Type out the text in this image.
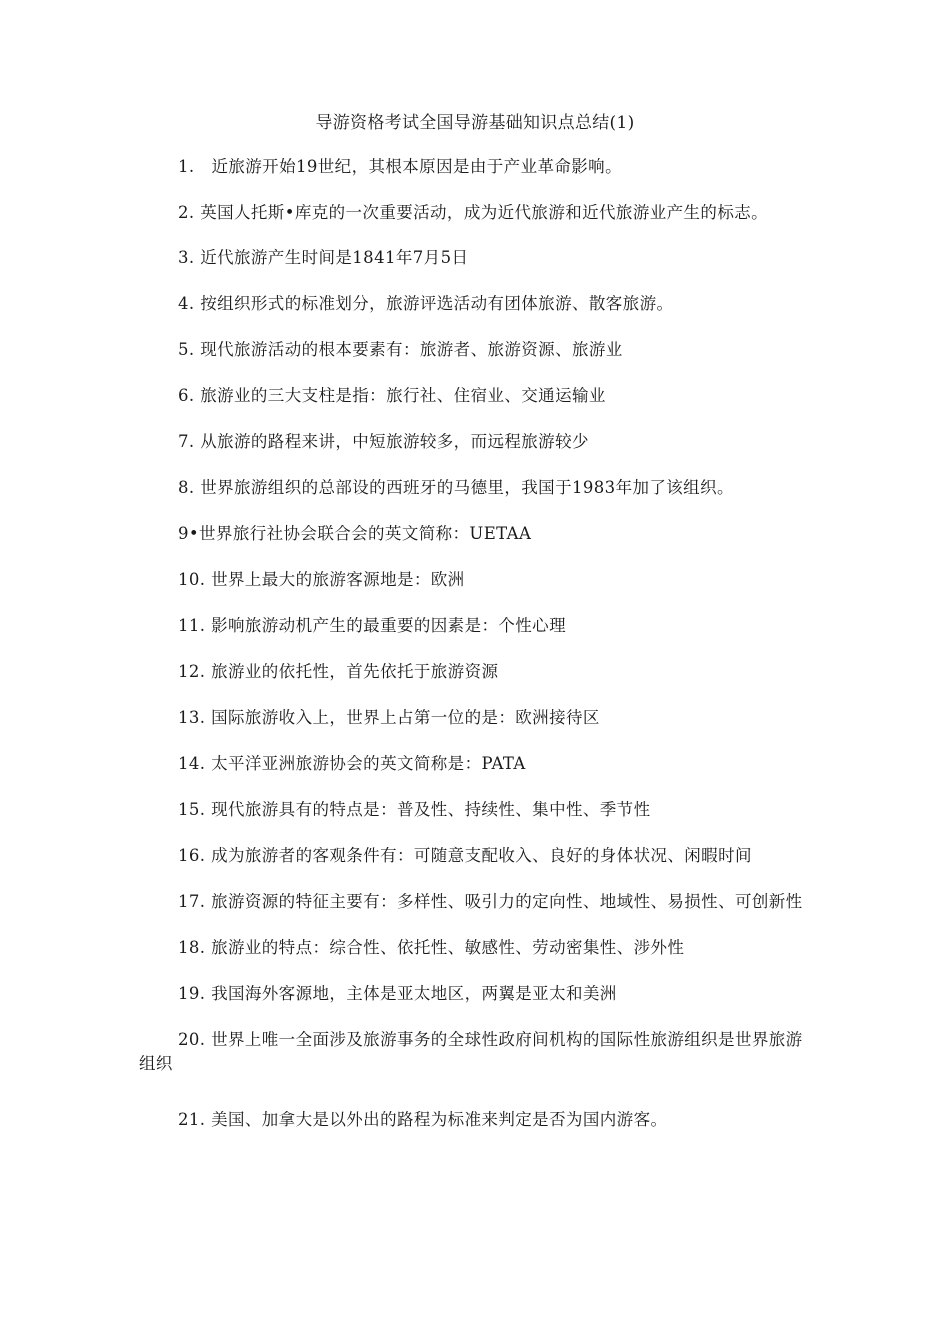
导游资格考试全国导游基础知识点总结(1)

1.   近旅游开始19世纪，其根本原因是由于产业革命影响。

2. 英国人托斯•库克的一次重要活动，成为近代旅游和近代旅游业产生的标志。

3. 近代旅游产生时间是1841年7月5日

4. 按组织形式的标准划分，旅游评选活动有团体旅游、散客旅游。

5. 现代旅游活动的根本要素有：旅游者、旅游资源、旅游业

6. 旅游业的三大支柱是指：旅行社、住宿业、交通运输业

7. 从旅游的路程来讲，中短旅游较多，而远程旅游较少

8. 世界旅游组织的总部设的西班牙的马德里，我国于1983年加了该组织。

9•世界旅行社协会联合会的英文简称：UETAA

10. 世界上最大的旅游客源地是：欧洲

11. 影响旅游动机产生的最重要的因素是：个性心理

12. 旅游业的依托性，首先依托于旅游资源

13. 国际旅游收入上，世界上占第一位的是：欧洲接待区

14. 太平洋亚洲旅游协会的英文简称是：PATA

15. 现代旅游具有的特点是：普及性、持续性、集中性、季节性

16. 成为旅游者的客观条件有：可随意支配收入、良好的身体状况、闲暇时间

17. 旅游资源的特征主要有：多样性、吸引力的定向性、地域性、易损性、可创新性

18. 旅游业的特点：综合性、依托性、敏感性、劳动密集性、涉外性

19. 我国海外客源地，主体是亚太地区，两翼是亚太和美洲

20. 世界上唯一全面涉及旅游事务的全球性政府间机构的国际性旅游组织是世界旅游组织

21. 美国、加拿大是以外出的路程为标准来判定是否为国内游客。
